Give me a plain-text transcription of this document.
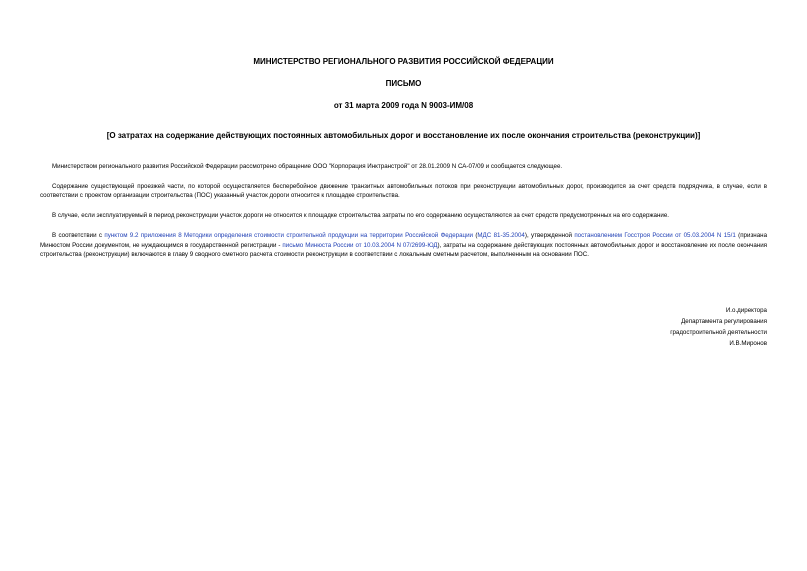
МИНИСТЕРСТВО РЕГИОНАЛЬНОГО РАЗВИТИЯ РОССИЙСКОЙ ФЕДЕРАЦИИ

ПИСЬМО

от 31 марта 2009 года N 9003-ИМ/08

[О затратах на содержание действующих постоянных автомобильных дорог и восстановление их после окончания строительства (реконструкции)]

Министерством регионального развития Российской Федерации рассмотрено обращение ООО "Корпорация Инктранстрой" от 28.01.2009 N СА-07/09 и сообщается следующее.

Содержание существующей проезжей части, по которой осуществляется бесперебойное движение транзитных автомобильных потоков при реконструкции автомобильных дорог, производится за счет средств подрядчика, в случае, если в соответствии с проектом организации строительства (ПОС) указанный участок дороги относится к площадке строительства.

В случае, если эксплуатируемый в период реконструкции участок дороги не относится к площадке строительства затраты по его содержанию осуществляются за счет средств предусмотренных на его содержание.

В соответствии с пунктом 9.2 приложения 8 Методики определения стоимости строительной продукции на территории Российской Федерации (МДС 81-35.2004), утвержденной постановлением Госстроя России от 05.03.2004 N 15/1 (признана Минюстом России документом, не нуждающимся в государственной регистрации - письмо Минюста России от 10.03.2004 N 07/2699-ЮД), затраты на содержание действующих постоянных автомобильных дорог и восстановление их после окончания строительства (реконструкции) включаются в главу 9 сводного сметного расчета стоимости реконструкции в соответствии с локальным сметным расчетом, выполненным на основании ПОС.

И.о.директора
Департамента регулирования
градостроительной деятельности
И.В.Миронов
